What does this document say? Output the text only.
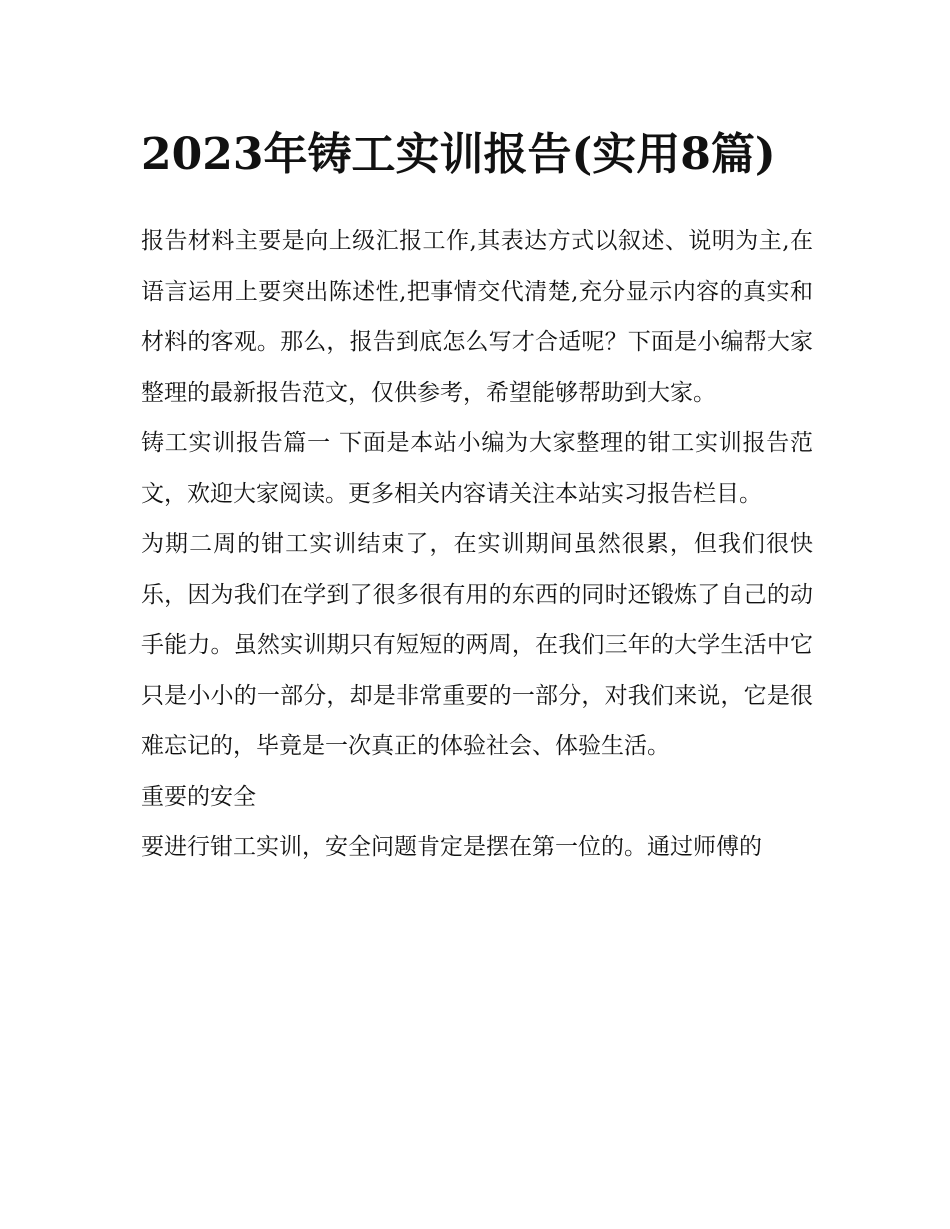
2023年铸工实训报告(实用8篇)

报告材料主要是向上级汇报工作,其表达方式以叙述、说明为主,在语言运用上要突出陈述性,把事情交代清楚,充分显示内容的真实和材料的客观。那么，报告到底怎么写才合适呢？下面是小编帮大家整理的最新报告范文，仅供参考，希望能够帮助到大家。

铸工实训报告篇一 下面是本站小编为大家整理的钳工实训报告范文，欢迎大家阅读。更多相关内容请关注本站实习报告栏目。

为期二周的钳工实训结束了，在实训期间虽然很累，但我们很快乐，因为我们在学到了很多很有用的东西的同时还锻炼了自己的动手能力。虽然实训期只有短短的两周，在我们三年的大学生活中它只是小小的一部分，却是非常重要的一部分，对我们来说，它是很难忘记的，毕竟是一次真正的体验社会、体验生活。

重要的安全

要进行钳工实训，安全问题肯定是摆在第一位的。通过师傅的
